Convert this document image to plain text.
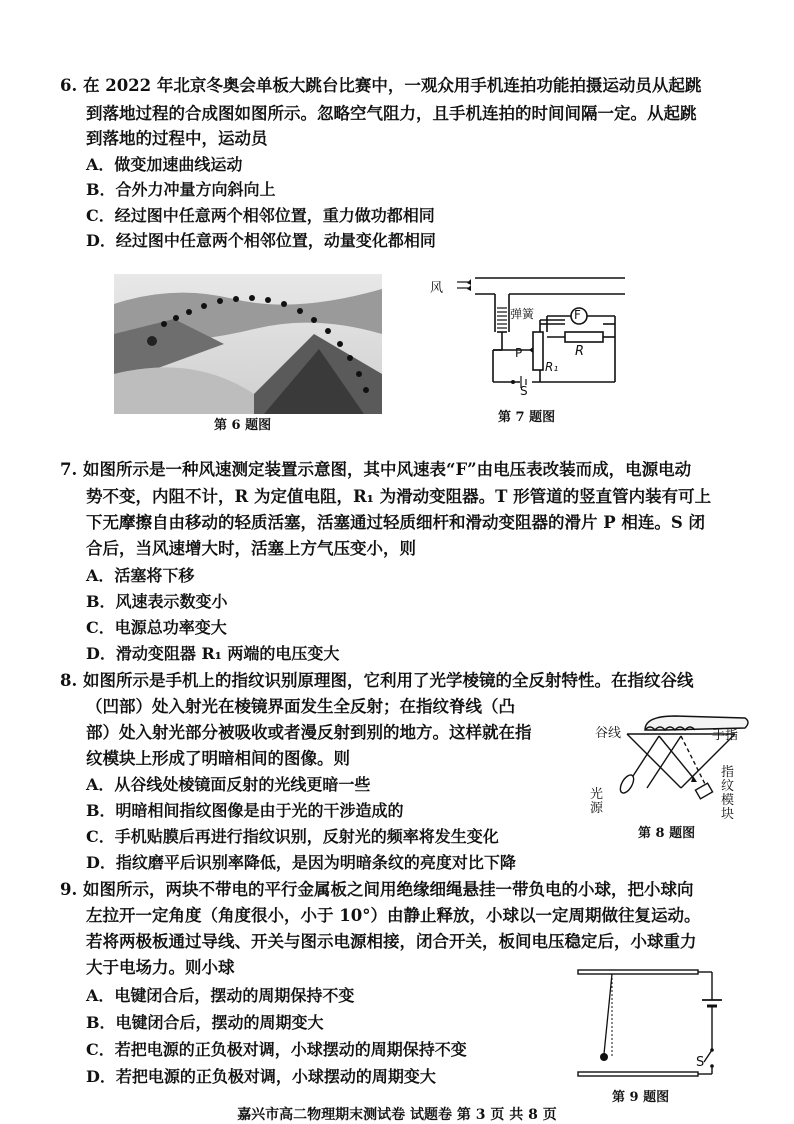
6. 在 2022 年北京冬奥会单板大跳台比赛中，一观众用手机连拍功能拍摄运动员从起跳
到落地过程的合成图如图所示。忽略空气阻力，且手机连拍的时间间隔一定。从起跳
到落地的过程中，运动员
A．做变加速曲线运动
B．合外力冲量方向斜向上
C．经过图中任意两个相邻位置，重力做功都相同
D．经过图中任意两个相邻位置，动量变化都相同
第 6 题图
风
弹簧	F
R
P
R₁
S
第 7 题图
7. 如图所示是一种风速测定装置示意图，其中风速表“F”由电压表改装而成，电源电动
势不变，内阻不计，R 为定值电阻，R₁ 为滑动变阻器。T 形管道的竖直管内装有可上
下无摩擦自由移动的轻质活塞，活塞通过轻质细杆和滑动变阻器的滑片 P 相连。S 闭
合后，当风速增大时，活塞上方气压变小，则
A．活塞将下移
B．风速表示数变小
C．电源总功率变大
D．滑动变阻器 R₁ 两端的电压变大
8. 如图所示是手机上的指纹识别原理图，它利用了光学棱镜的全反射特性。在指纹谷线
（凹部）处入射光在棱镜界面发生全反射；在指纹脊线（凸
部）处入射光部分被吸收或者漫反射到别的地方。这样就在指
纹模块上形成了明暗相间的图像。则
A．从谷线处棱镜面反射的光线更暗一些
B．明暗相间指纹图像是由于光的干涉造成的
C．手机贴膜后再进行指纹识别，反射光的频率将发生变化
D．指纹磨平后识别率降低，是因为明暗条纹的亮度对比下降
谷线	手指
光源
指纹模块
第 8 题图
9. 如图所示，两块不带电的平行金属板之间用绝缘细绳悬挂一带负电的小球，把小球向
左拉开一定角度（角度很小，小于 10°）由静止释放，小球以一定周期做往复运动。
若将两极板通过导线、开关与图示电源相接，闭合开关，板间电压稳定后，小球重力
大于电场力。则小球
A．电键闭合后，摆动的周期保持不变
B．电键闭合后，摆动的周期变大
C．若把电源的正负极对调，小球摆动的周期保持不变
D．若把电源的正负极对调，小球摆动的周期变大
S
第 9 题图
嘉兴市高二物理期末测试卷 试题卷 第 3 页 共 8 页
